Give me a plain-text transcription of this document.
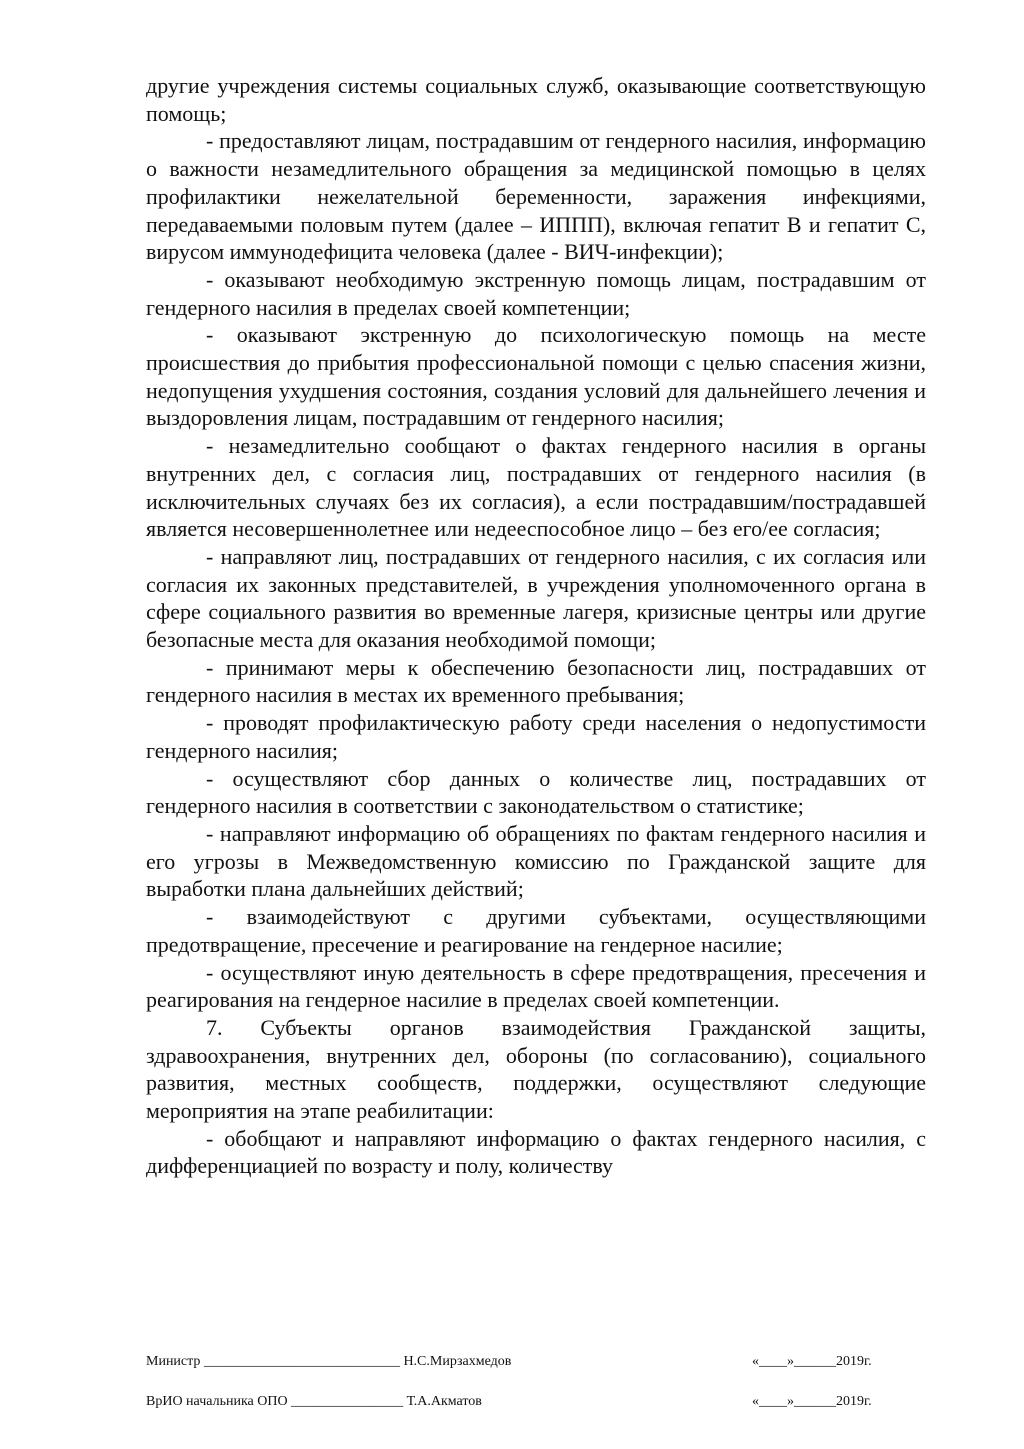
другие учреждения системы социальных служб, оказывающие соответствующую помощь;

- предоставляют лицам, пострадавшим от гендерного насилия, информацию о важности незамедлительного обращения за медицинской помощью в целях профилактики нежелательной беременности, заражения инфекциями, передаваемыми половым путем (далее – ИППП), включая гепатит В и гепатит С, вирусом иммунодефицита человека (далее - ВИЧ-инфекции);

- оказывают необходимую экстренную помощь лицам, пострадавшим от гендерного насилия в пределах своей компетенции;

- оказывают экстренную до психологическую помощь на месте происшествия до прибытия профессиональной помощи с целью спасения жизни, недопущения ухудшения состояния, создания условий для дальнейшего лечения и выздоровления лицам, пострадавшим от гендерного насилия;

- незамедлительно сообщают о фактах гендерного насилия в органы внутренних дел, с согласия лиц, пострадавших от гендерного насилия (в исключительных случаях без их согласия), а если пострадавшим/пострадавшей является несовершеннолетнее или недееспособное лицо – без его/ее согласия;

- направляют лиц, пострадавших от гендерного насилия, с их согласия или согласия их законных представителей, в учреждения уполномоченного органа в сфере социального развития во временные лагеря, кризисные центры или другие безопасные места для оказания необходимой помощи;

- принимают меры к обеспечению безопасности лиц, пострадавших от гендерного насилия в местах их временного пребывания;

- проводят профилактическую работу среди населения о недопустимости гендерного насилия;

- осуществляют сбор данных о количестве лиц, пострадавших от гендерного насилия в соответствии с законодательством о статистике;

- направляют информацию об обращениях по фактам гендерного насилия и его угрозы в Межведомственную комиссию по Гражданской защите для выработки плана дальнейших действий;

- взаимодействуют с другими субъектами, осуществляющими предотвращение, пресечение и реагирование на гендерное насилие;

- осуществляют иную деятельность в сфере предотвращения, пресечения и реагирования на гендерное насилие в пределах своей компетенции.

7. Субъекты органов взаимодействия Гражданской защиты, здравоохранения, внутренних дел, обороны (по согласованию), социального развития, местных сообществ, поддержки, осуществляют следующие мероприятия на этапе реабилитации:

- обобщают и направляют информацию о фактах гендерного насилия, с дифференциацией по возрасту и полу, количеству

Министр ____________________________ Н.С.Мирзахмедов	«____»______2019г.
ВрИО начальника ОПО ________________ Т.А.Акматов	«____»______2019г.
